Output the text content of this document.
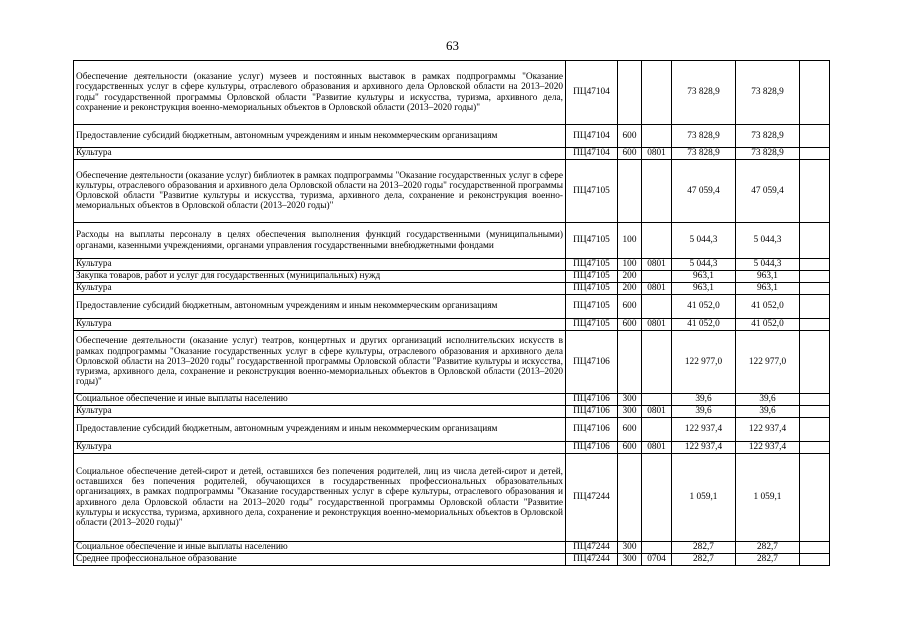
63
Обеспечение деятельности (оказание услуг) музеев и постоянных выставок в рамках подпрограммы "Оказание государственных услуг в сфере культуры, отраслевого образования и архивного дела Орловской области на 2013–2020 годы" государственной программы Орловской области "Развитие культуры и искусства, туризма, архивного дела, сохранение и реконструкция военно-мемориальных объектов в Орловской области (2013–2020 годы)"	ПЦ47104			73 828,9	73 828,9	
Предоставление субсидий бюджетным, автономным учреждениям и иным некоммерческим организациям	ПЦ47104	600		73 828,9	73 828,9	
Культура	ПЦ47104	600	0801	73 828,9	73 828,9	
Обеспечение деятельности (оказание услуг) библиотек в рамках подпрограммы "Оказание государственных услуг в сфере культуры, отраслевого образования и архивного дела Орловской области на 2013–2020 годы" государственной программы Орловской области "Развитие культуры и искусства, туризма, архивного дела, сохранение и реконструкция военно-мемориальных объектов в Орловской области (2013–2020 годы)"	ПЦ47105			47 059,4	47 059,4	
Расходы на выплаты персоналу в целях обеспечения выполнения функций государственными (муниципальными) органами, казенными учреждениями, органами управления государственными внебюджетными фондами	ПЦ47105	100		5 044,3	5 044,3	
Культура	ПЦ47105	100	0801	5 044,3	5 044,3	
Закупка товаров, работ и услуг для государственных (муниципальных) нужд	ПЦ47105	200		963,1	963,1	
Культура	ПЦ47105	200	0801	963,1	963,1	
Предоставление субсидий бюджетным, автономным учреждениям и иным некоммерческим организациям	ПЦ47105	600		41 052,0	41 052,0	
Культура	ПЦ47105	600	0801	41 052,0	41 052,0	
Обеспечение деятельности (оказание услуг) театров, концертных и других организаций исполнительских искусств в рамках подпрограммы "Оказание государственных услуг в сфере культуры, отраслевого образования и архивного дела Орловской области на 2013–2020 годы" государственной программы Орловской области "Развитие культуры и искусства, туризма, архивного дела, сохранение и реконструкция военно-мемориальных объектов в Орловской области (2013–2020 годы)"	ПЦ47106			122 977,0	122 977,0	
Социальное обеспечение и иные выплаты населению	ПЦ47106	300		39,6	39,6	
Культура	ПЦ47106	300	0801	39,6	39,6	
Предоставление субсидий бюджетным, автономным учреждениям и иным некоммерческим организациям	ПЦ47106	600		122 937,4	122 937,4	
Культура	ПЦ47106	600	0801	122 937,4	122 937,4	
Социальное обеспечение детей-сирот и детей, оставшихся без попечения родителей, лиц из числа детей-сирот и детей, оставшихся без попечения родителей, обучающихся в государственных профессиональных образовательных организациях, в рамках подпрограммы "Оказание государственных услуг в сфере культуры, отраслевого образования и архивного дела Орловской области на 2013–2020 годы" государственной программы Орловской области "Развитие культуры и искусства, туризма, архивного дела, сохранение и реконструкция военно-мемориальных объектов в Орловской области (2013–2020 годы)"	ПЦ47244			1 059,1	1 059,1	
Социальное обеспечение и иные выплаты населению	ПЦ47244	300		282,7	282,7	
Среднее профессиональное образование	ПЦ47244	300	0704	282,7	282,7	
